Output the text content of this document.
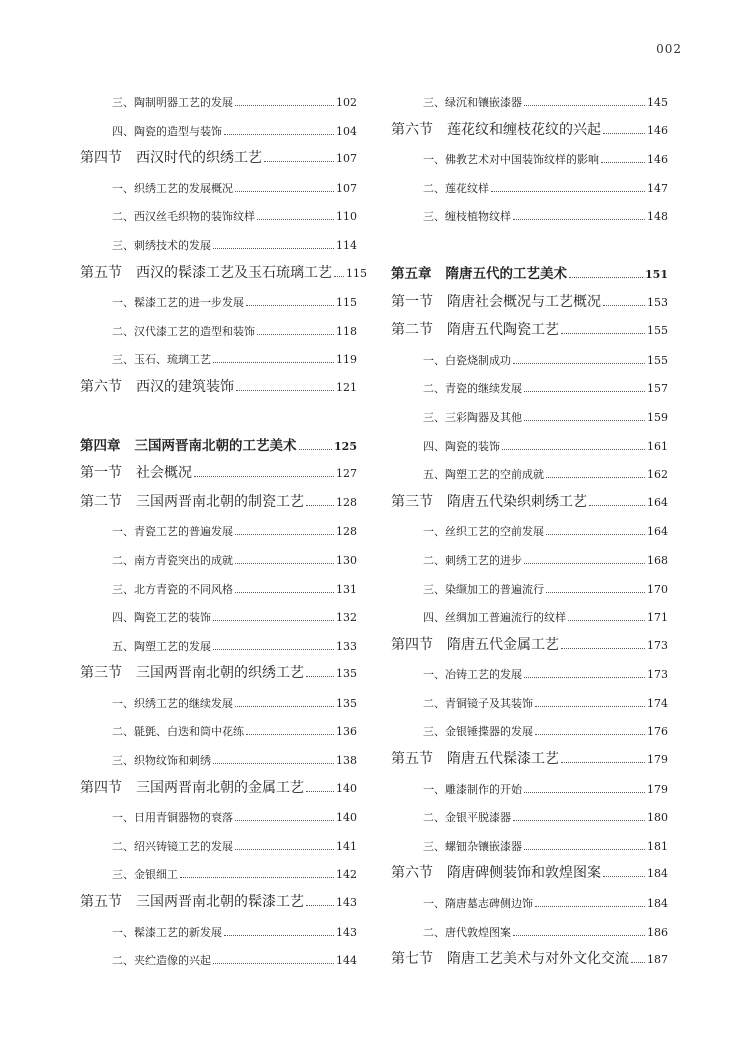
002
三、陶制明器工艺的发展	102
四、陶瓷的造型与装饰	104
第四节 西汉时代的织绣工艺	107
一、织绣工艺的发展概况	107
二、西汉丝毛织物的装饰纹样	110
三、刺绣技术的发展	114
第五节 西汉的髹漆工艺及玉石琉璃工艺 115
一、髹漆工艺的进一步发展	115
二、汉代漆工艺的造型和装饰	118
三、玉石、琉璃工艺	119
第六节 西汉的建筑装饰	121
第四章 三国两晋南北朝的工艺美术	125
第一节 社会概况	127
第二节 三国两晋南北朝的制瓷工艺	128
一、青瓷工艺的普遍发展	128
二、南方青瓷突出的成就	130
三、北方青瓷的不同风格	131
四、陶瓷工艺的装饰	132
五、陶塑工艺的发展	133
第三节 三国两晋南北朝的织绣工艺	135
一、织绣工艺的继续发展	135
二、毾㲪、白迭和筒中花练	136
三、织物纹饰和刺绣	138
第四节 三国两晋南北朝的金属工艺	140
一、日用青铜器物的衰落	140
二、绍兴铸镜工艺的发展	141
三、金银细工	142
第五节 三国两晋南北朝的髹漆工艺	143
一、髹漆工艺的新发展	143
二、夹纻造像的兴起	144
三、绿沉和镶嵌漆器	145
第六节 莲花纹和缠枝花纹的兴起	146
一、佛教艺术对中国装饰纹样的影响	146
二、莲花纹样	147
三、缠枝植物纹样	148
第五章 隋唐五代的工艺美术	151
第一节 隋唐社会概况与工艺概况	153
第二节 隋唐五代陶瓷工艺	155
一、白瓷烧制成功	155
二、青瓷的继续发展	157
三、三彩陶器及其他	159
四、陶瓷的装饰	161
五、陶塑工艺的空前成就	162
第三节 隋唐五代染织刺绣工艺	164
一、丝织工艺的空前发展	164
二、刺绣工艺的进步	168
三、染缬加工的普遍流行	170
四、丝绸加工普遍流行的纹样	171
第四节 隋唐五代金属工艺	173
一、冶铸工艺的发展	173
二、青铜镜子及其装饰	174
三、金银锤揲器的发展	176
第五节 隋唐五代髹漆工艺	179
一、雕漆制作的开始	179
二、金银平脱漆器	180
三、螺钿杂镶嵌漆器	181
第六节 隋唐碑侧装饰和敦煌图案	184
一、隋唐墓志碑侧边饰	184
二、唐代敦煌图案	186
第七节 隋唐工艺美术与对外文化交流 187
